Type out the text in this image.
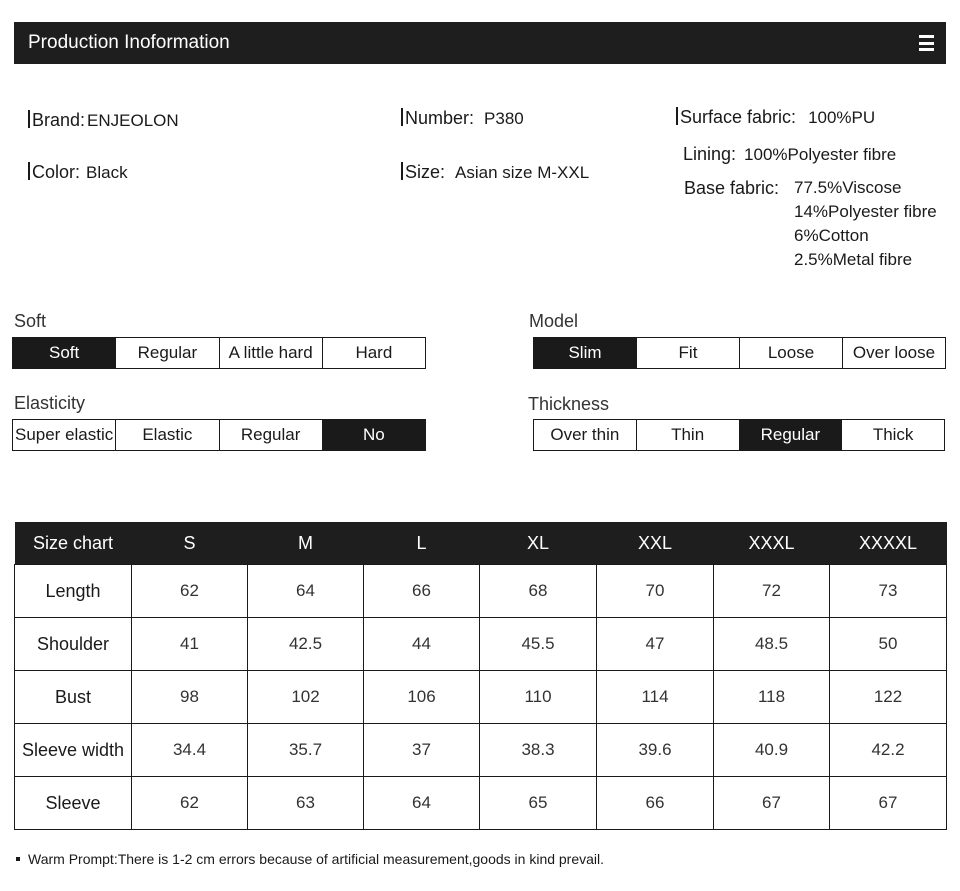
Production Inoformation
Brand: ENJEOLON
Color: Black
Number: P380
Size: Asian size M-XXL
Surface fabric: 100%PU
Lining: 100%Polyester fibre
Base fabric: 77.5%Viscose
14%Polyester fibre
6%Cotton
2.5%Metal fibre
Soft
Soft	Regular	A little hard	Hard
Model
Slim	Fit	Loose	Over loose
Elasticity
Super elastic	Elastic	Regular	No
Thickness
Over thin	Thin	Regular	Thick
Size chart	S	M	L	XL	XXL	XXXL	XXXXL
Length	62	64	66	68	70	72	73
Shoulder	41	42.5	44	45.5	47	48.5	50
Bust	98	102	106	110	114	118	122
Sleeve width	34.4	35.7	37	38.3	39.6	40.9	42.2
Sleeve	62	63	64	65	66	67	67
Warm Prompt:There is 1-2 cm errors because of artificial measurement,goods in kind prevail.
